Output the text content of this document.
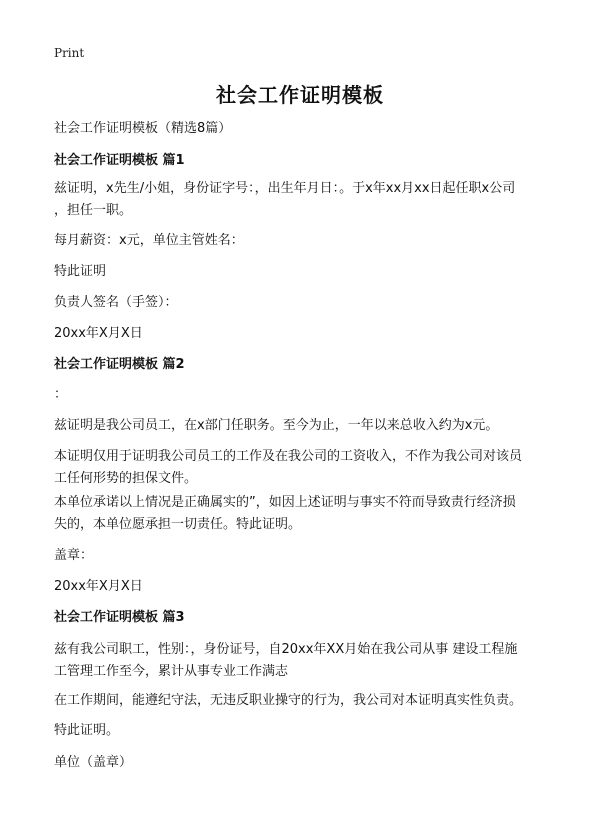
Print
社会工作证明模板
社会工作证明模板（精选8篇）
社会工作证明模板 篇1
兹证明，x先生/小姐，身份证字号：，出生年月日：。于x年xx月xx日起任职x公司
，担任一职。
每月薪资：x元，单位主管姓名：
特此证明
负责人签名（手签）：
20xx年X月X日
社会工作证明模板 篇2
：
兹证明是我公司员工，在x部门任职务。至今为止，一年以来总收入约为x元。
本证明仅用于证明我公司员工的工作及在我公司的工资收入，不作为我公司对该员
工任何形势的担保文件。
本单位承诺以上情况是正确属实的”，如因上述证明与事实不符而导致责行经济损
失的，本单位愿承担一切责任。特此证明。
盖章：
20xx年X月X日
社会工作证明模板 篇3
兹有我公司职工，性别：，身份证号，自20xx年XX月始在我公司从事 建设工程施
工管理工作至今，累计从事专业工作满志
在工作期间，能遵纪守法，无违反职业操守的行为，我公司对本证明真实性负责。
特此证明。
单位（盖章）
